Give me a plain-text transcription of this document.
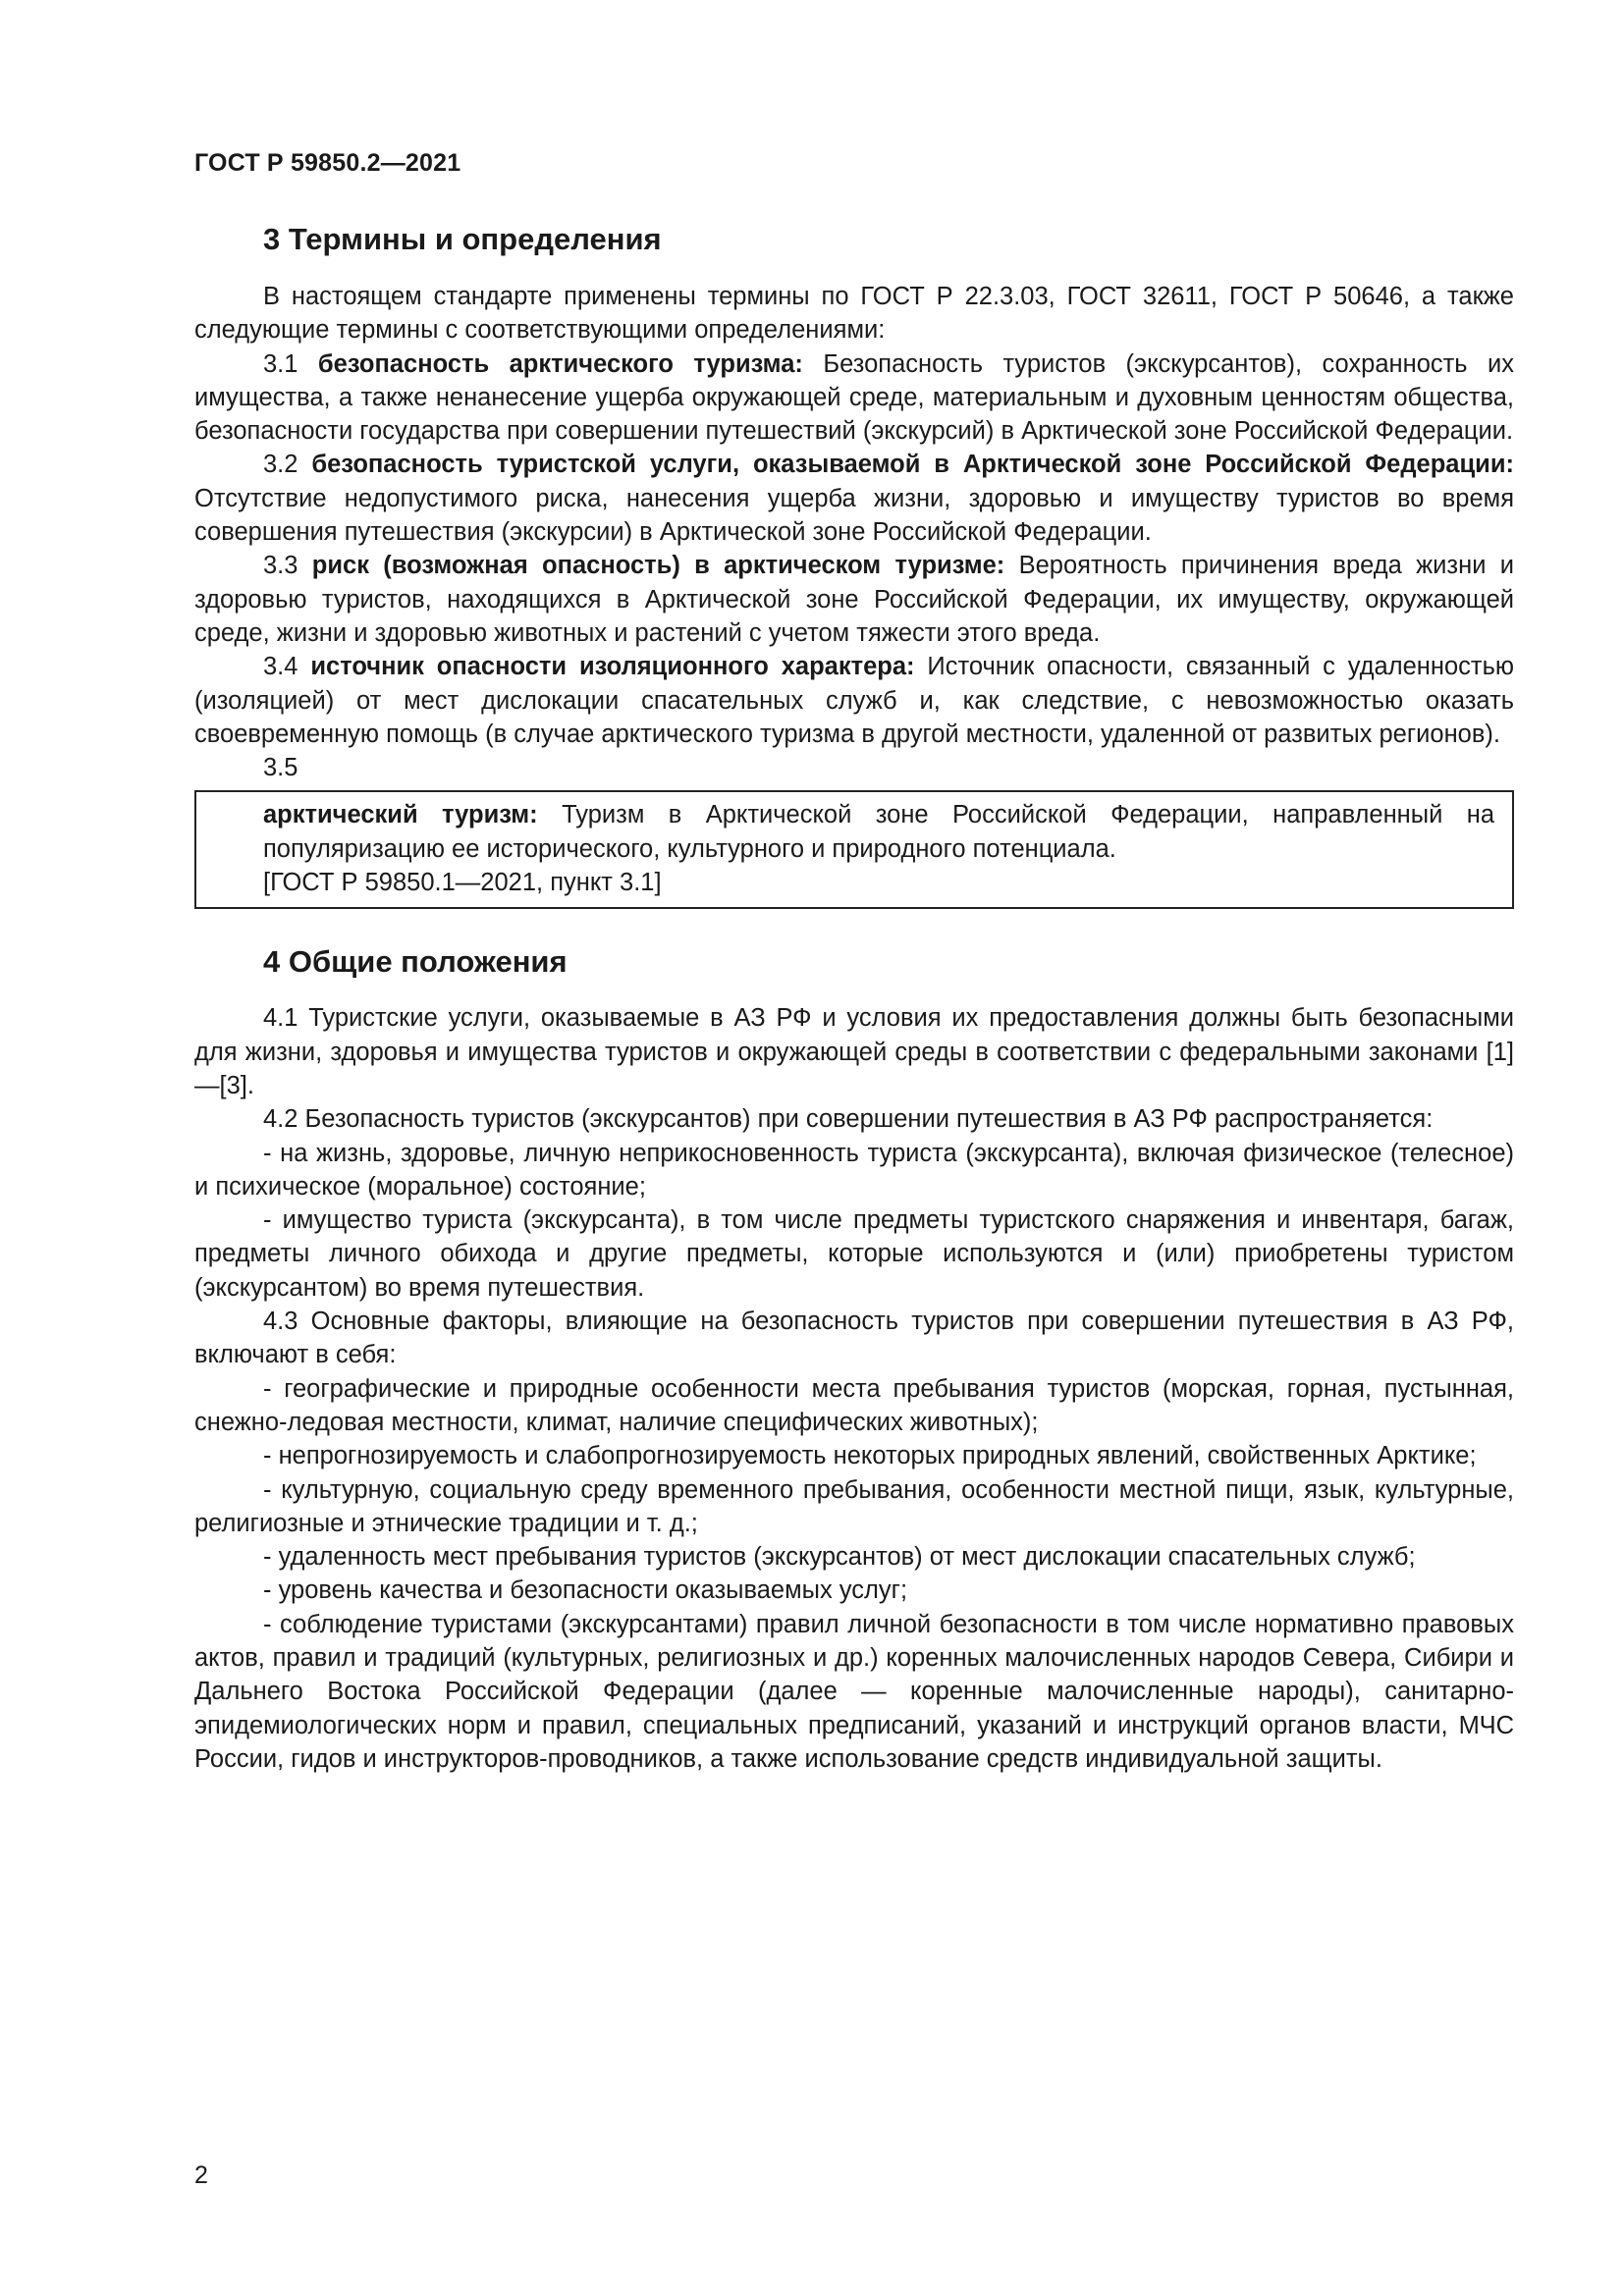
ГОСТ Р 59850.2—2021
3 Термины и определения

В настоящем стандарте применены термины по ГОСТ Р 22.3.03, ГОСТ 32611, ГОСТ Р 50646, а также следующие термины с соответствующими определениями:

3.1 безопасность арктического туризма: Безопасность туристов (экскурсантов), сохранность их имущества, а также ненанесение ущерба окружающей среде, материальным и духовным ценностям общества, безопасности государства при совершении путешествий (экскурсий) в Арктической зоне Российской Федерации.

3.2 безопасность туристской услуги, оказываемой в Арктической зоне Российской Федерации: Отсутствие недопустимого риска, нанесения ущерба жизни, здоровью и имуществу туристов во время совершения путешествия (экскурсии) в Арктической зоне Российской Федерации.

3.3 риск (возможная опасность) в арктическом туризме: Вероятность причинения вреда жизни и здоровью туристов, находящихся в Арктической зоне Российской Федерации, их имуществу, окружающей среде, жизни и здоровью животных и растений с учетом тяжести этого вреда.

3.4 источник опасности изоляционного характера: Источник опасности, связанный с удаленностью (изоляцией) от мест дислокации спасательных служб и, как следствие, с невозможностью оказать своевременную помощь (в случае арктического туризма в другой местности, удаленной от развитых регионов).

3.5

арктический туризм: Туризм в Арктической зоне Российской Федерации, направленный на популяризацию ее исторического, культурного и природного потенциала.

[ГОСТ Р 59850.1—2021, пункт 3.1]

4 Общие положения

4.1 Туристские услуги, оказываемые в АЗ РФ и условия их предоставления должны быть безопасными для жизни, здоровья и имущества туристов и окружающей среды в соответствии с федеральными законами [1]—[3].

4.2 Безопасность туристов (экскурсантов) при совершении путешествия в АЗ РФ распространяется:

- на жизнь, здоровье, личную неприкосновенность туриста (экскурсанта), включая физическое (телесное) и психическое (моральное) состояние;

- имущество туриста (экскурсанта), в том числе предметы туристского снаряжения и инвентаря, багаж, предметы личного обихода и другие предметы, которые используются и (или) приобретены туристом (экскурсантом) во время путешествия.

4.3 Основные факторы, влияющие на безопасность туристов при совершении путешествия в АЗ РФ, включают в себя:

- географические и природные особенности места пребывания туристов (морская, горная, пустынная, снежно-ледовая местности, климат, наличие специфических животных);

- непрогнозируемость и слабопрогнозируемость некоторых природных явлений, свойственных Арктике;

- культурную, социальную среду временного пребывания, особенности местной пищи, язык, культурные, религиозные и этнические традиции и т. д.;

- удаленность мест пребывания туристов (экскурсантов) от мест дислокации спасательных служб;

- уровень качества и безопасности оказываемых услуг;

- соблюдение туристами (экскурсантами) правил личной безопасности в том числе нормативно правовых актов, правил и традиций (культурных, религиозных и др.) коренных малочисленных народов Севера, Сибири и Дальнего Востока Российской Федерации (далее — коренные малочисленные народы), санитарно-эпидемиологических норм и правил, специальных предписаний, указаний и инструкций органов власти, МЧС России, гидов и инструкторов-проводников, а также использование средств индивидуальной защиты.

2
